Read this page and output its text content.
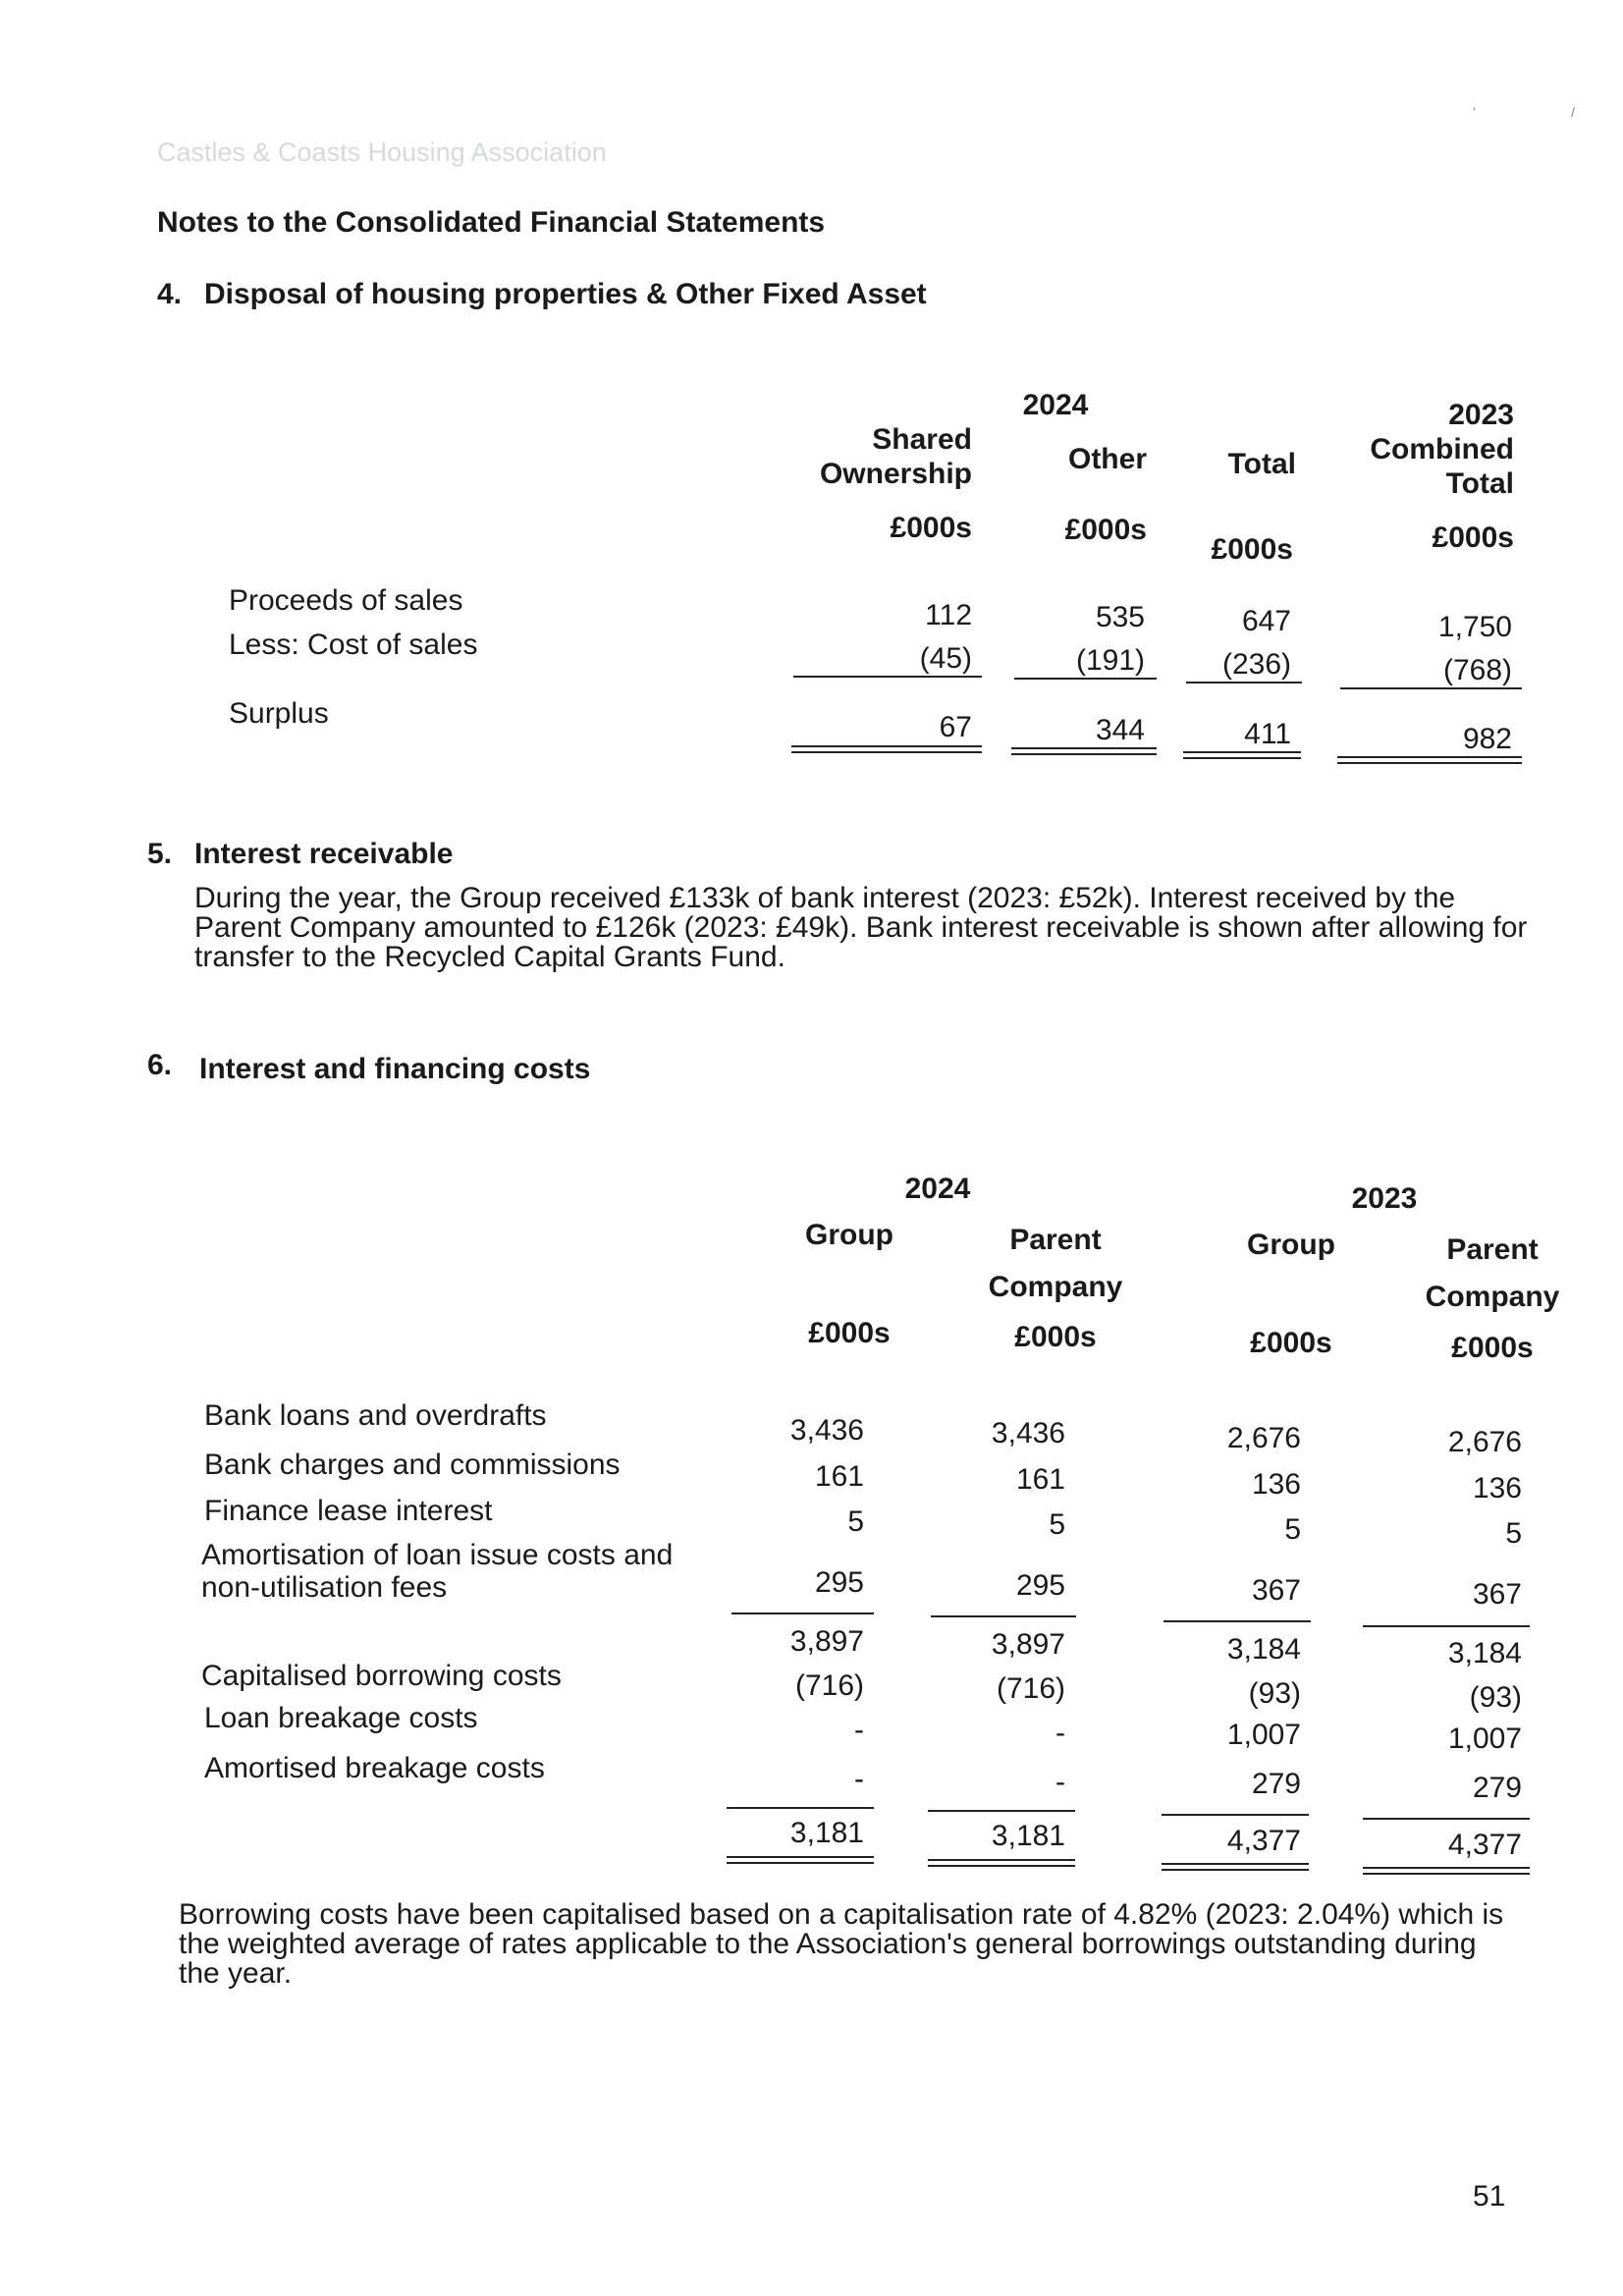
Castles & Coasts Housing Association
Notes to the Consolidated Financial Statements
'	/
4. Disposal of housing properties & Other Fixed Asset
2024
Shared Ownership	Other	Total
2023
Combined Total
£000s	£000s
£000s	£000s
Proceeds of sales	112	535	647	1,750
Less: Cost of sales	(45)	(191)	(236)	(768)
Surplus	67	344	411	982
5. Interest receivable
During the year, the Group received £133k of bank interest (2023: £52k). Interest received by the Parent Company amounted to £126k (2023: £49k). Bank interest receivable is shown after allowing for transfer to the Recycled Capital Grants Fund.
6. Interest and financing costs
2024	2023
Group	Parent
Company
Group	Parent
Company
£000s	£000s	£000s	£000s
Bank loans and overdrafts	3,436	3,436	2,676	2,676
Bank charges and commissions	161	161	136	136
Finance lease interest	5	5	5	5
Amortisation of loan issue costs and
non-utilisation fees	295	295	367	367
3,897	3,897	3,184	3,184
Capitalised borrowing costs	(716)	(716)	(93)	(93)
Loan breakage costs	-	-	1,007	1,007
Amortised breakage costs	-	-	279	279
3,181	3,181	4,377	4,377
Borrowing costs have been capitalised based on a capitalisation rate of 4.82% (2023: 2.04%) which is the weighted average of rates applicable to the Association's general borrowings outstanding during the year.
51
